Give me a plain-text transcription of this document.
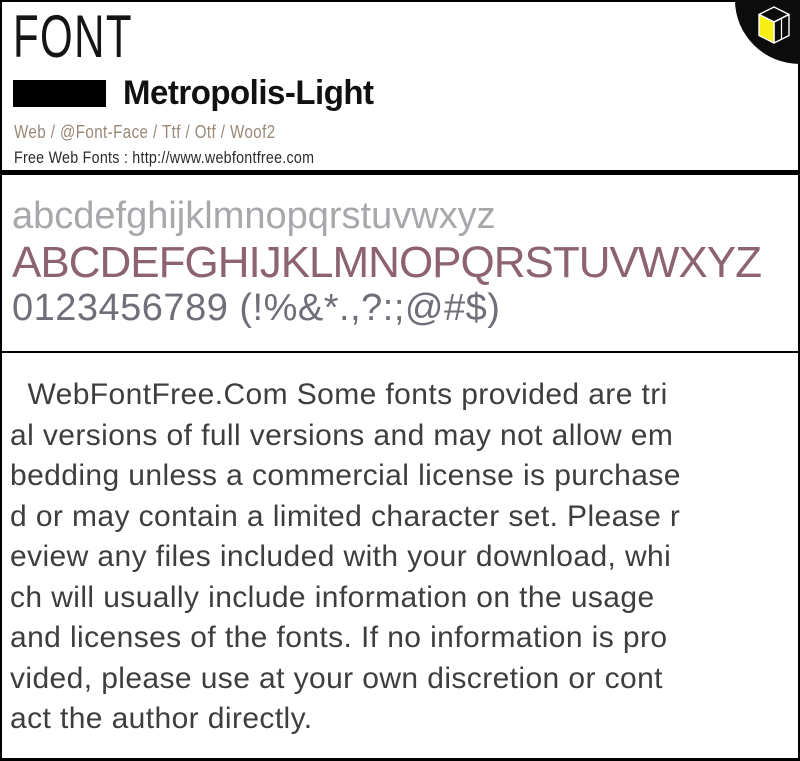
FONT
Metropolis-Light
Web / @Font-Face / Ttf / Otf / Woof2
Free Web Fonts : http://www.webfontfree.com
abcdefghijklmnopqrstuvwxyz
ABCDEFGHIJKLMNOPQRSTUVWXYZ
0123456789 (!%&*.,?:;@#$)
WebFontFree.Com Some fonts provided are tri
al versions of full versions and may not allow em
bedding unless a commercial license is purchase
d or may contain a limited character set. Please r
eview any files included with your download, whi
ch will usually include information on the usage
and licenses of the fonts. If no information is pro
vided, please use at your own discretion or cont
act the author directly.
